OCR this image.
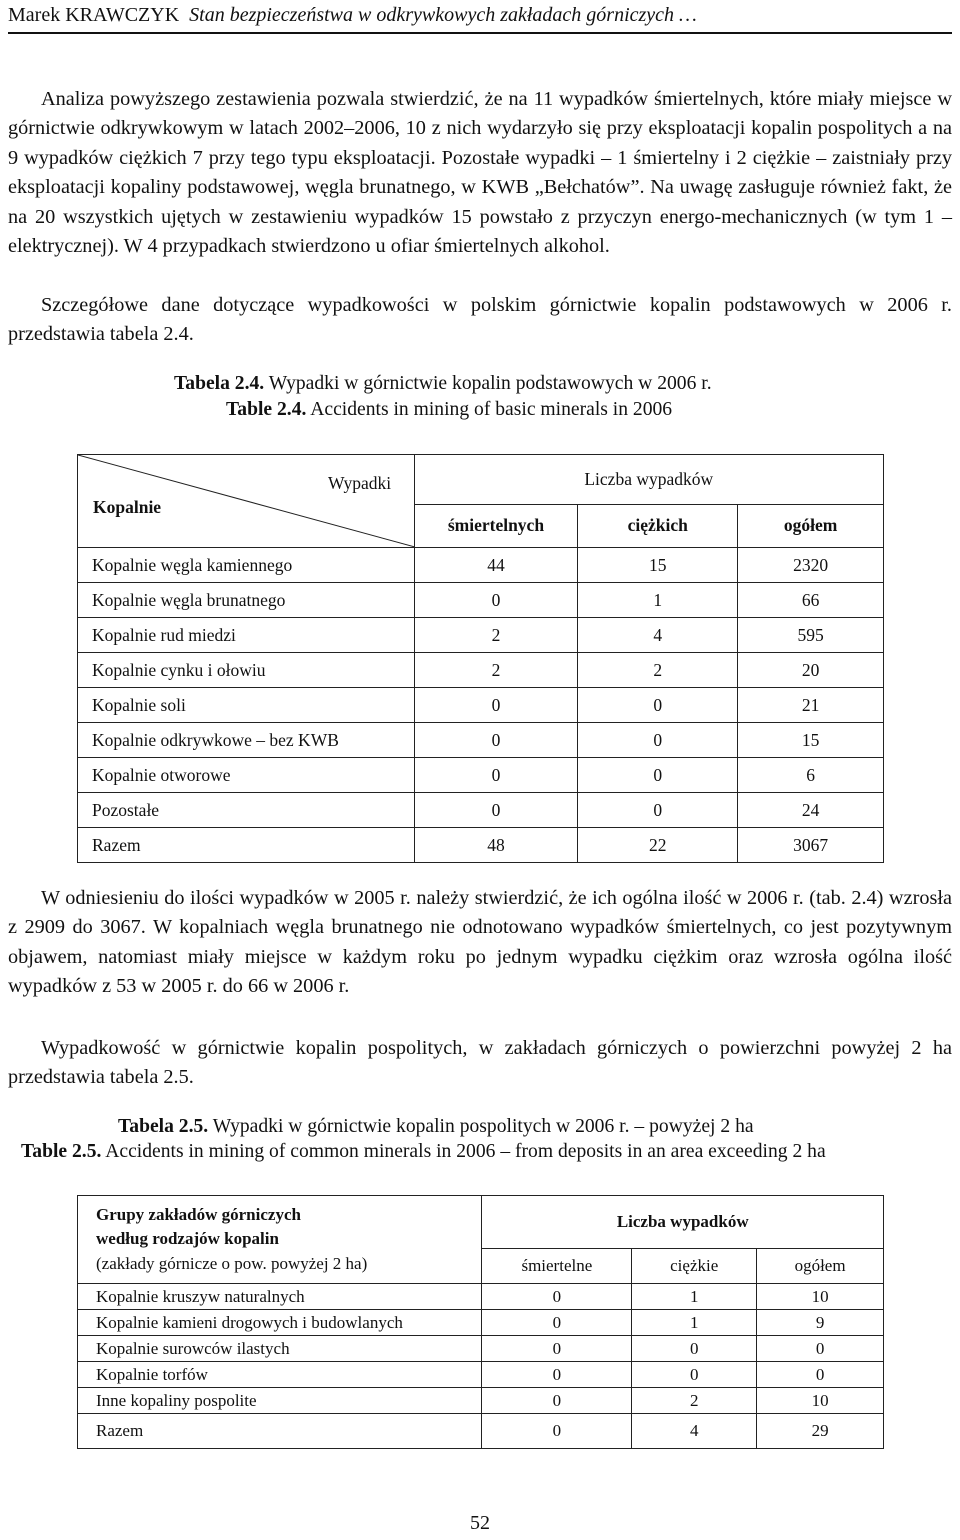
Marek KRAWCZYK Stan bezpieczeństwa w odkrywkowych zakładach górniczych …

Analiza powyższego zestawienia pozwala stwierdzić, że na 11 wypadków śmiertelnych, które miały miejsce w górnictwie odkrywkowym w latach 2002–2006, 10 z nich wydarzyło się przy eksploatacji kopalin pospolitych a na 9 wypadków ciężkich 7 przy tego typu eksploatacji. Pozostałe wypadki – 1 śmiertelny i 2 ciężkie – zaistniały przy eksploatacji kopaliny podstawowej, węgla brunatnego, w KWB „Bełchatów”. Na uwagę zasługuje również fakt, że na 20 wszystkich ujętych w zestawieniu wypadków 15 powstało z przyczyn energo-mechanicznych (w tym 1 – elektrycznej). W 4 przypadkach stwierdzono u ofiar śmiertelnych alkohol.

Szczegółowe dane dotyczące wypadkowości w polskim górnictwie kopalin podstawowych w 2006 r. przedstawia tabela 2.4.

Tabela 2.4. Wypadki w górnictwie kopalin podstawowych w 2006 r.
Table 2.4. Accidents in mining of basic minerals in 2006
Wypadki
Kopalnie	Liczba wypadków		
	śmiertelnych	ciężkich	ogółem
Kopalnie węgla kamiennego	44	15	2320
Kopalnie węgla brunatnego	0	1	66
Kopalnie rud miedzi	2	4	595
Kopalnie cynku i ołowiu	2	2	20
Kopalnie soli	0	0	21
Kopalnie odkrywkowe – bez KWB	0	0	15
Kopalnie otworowe	0	0	6
Pozostałe	0	0	24
Razem	48	22	3067

W odniesieniu do ilości wypadków w 2005 r. należy stwierdzić, że ich ogólna ilość w 2006 r. (tab. 2.4) wzrosła z 2909 do 3067. W kopalniach węgla brunatnego nie odnotowano wypadków śmiertelnych, co jest pozytywnym objawem, natomiast miały miejsce w każdym roku po jednym wypadku ciężkim oraz wzrosła ogólna ilość wypadków z 53 w 2005 r. do 66 w 2006 r.

Wypadkowość w górnictwie kopalin pospolitych, w zakładach górniczych o powierzchni powyżej 2 ha przedstawia tabela 2.5.

Tabela 2.5. Wypadki w górnictwie kopalin pospolitych w 2006 r. – powyżej 2 ha
Table 2.5. Accidents in mining of common minerals in 2006 – from deposits in an area exceeding 2 ha
Grupy zakładów górniczych
według rodzajów kopalin
(zakłady górnicze o pow. powyżej 2 ha)	Liczba wypadków		
	śmiertelne	ciężkie	ogółem
Kopalnie kruszyw naturalnych	0	1	10
Kopalnie kamieni drogowych i budowlanych	0	1	9
Kopalnie surowców ilastych	0	0	0
Kopalnie torfów	0	0	0
Inne kopaliny pospolite	0	2	10
Razem	0	4	29
52
